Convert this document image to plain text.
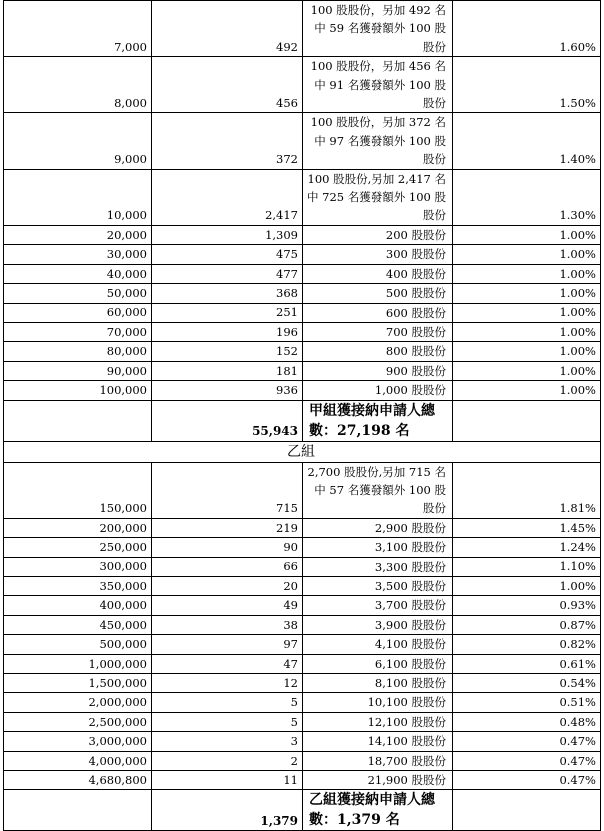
7,000	492	100 股股份，另加 492 名中 59 名獲發額外 100 股股份	1.60%
8,000	456	100 股股份，另加 456 名中 91 名獲發額外 100 股股份	1.50%
9,000	372	100 股股份，另加 372 名中 97 名獲發額外 100 股股份	1.40%
10,000	2,417	100 股股份,另加 2,417 名中 725 名獲發額外 100 股股份	1.30%
20,000	1,309	200 股股份	1.00%
30,000	475	300 股股份	1.00%
40,000	477	400 股股份	1.00%
50,000	368	500 股股份	1.00%
60,000	251	600 股股份	1.00%
70,000	196	700 股股份	1.00%
80,000	152	800 股股份	1.00%
90,000	181	900 股股份	1.00%
100,000	936	1,000 股股份	1.00%
	55,943	甲組獲接納申請人總數：27,198 名	
乙組			
150,000	715	2,700 股股份,另加 715 名中 57 名獲發額外 100 股股份	1.81%
200,000	219	2,900 股股份	1.45%
250,000	90	3,100 股股份	1.24%
300,000	66	3,300 股股份	1.10%
350,000	20	3,500 股股份	1.00%
400,000	49	3,700 股股份	0.93%
450,000	38	3,900 股股份	0.87%
500,000	97	4,100 股股份	0.82%
1,000,000	47	6,100 股股份	0.61%
1,500,000	12	8,100 股股份	0.54%
2,000,000	5	10,100 股股份	0.51%
2,500,000	5	12,100 股股份	0.48%
3,000,000	3	14,100 股股份	0.47%
4,000,000	2	18,700 股股份	0.47%
4,680,800	11	21,900 股股份	0.47%
	1,379	乙組獲接納申請人總數：1,379 名	
